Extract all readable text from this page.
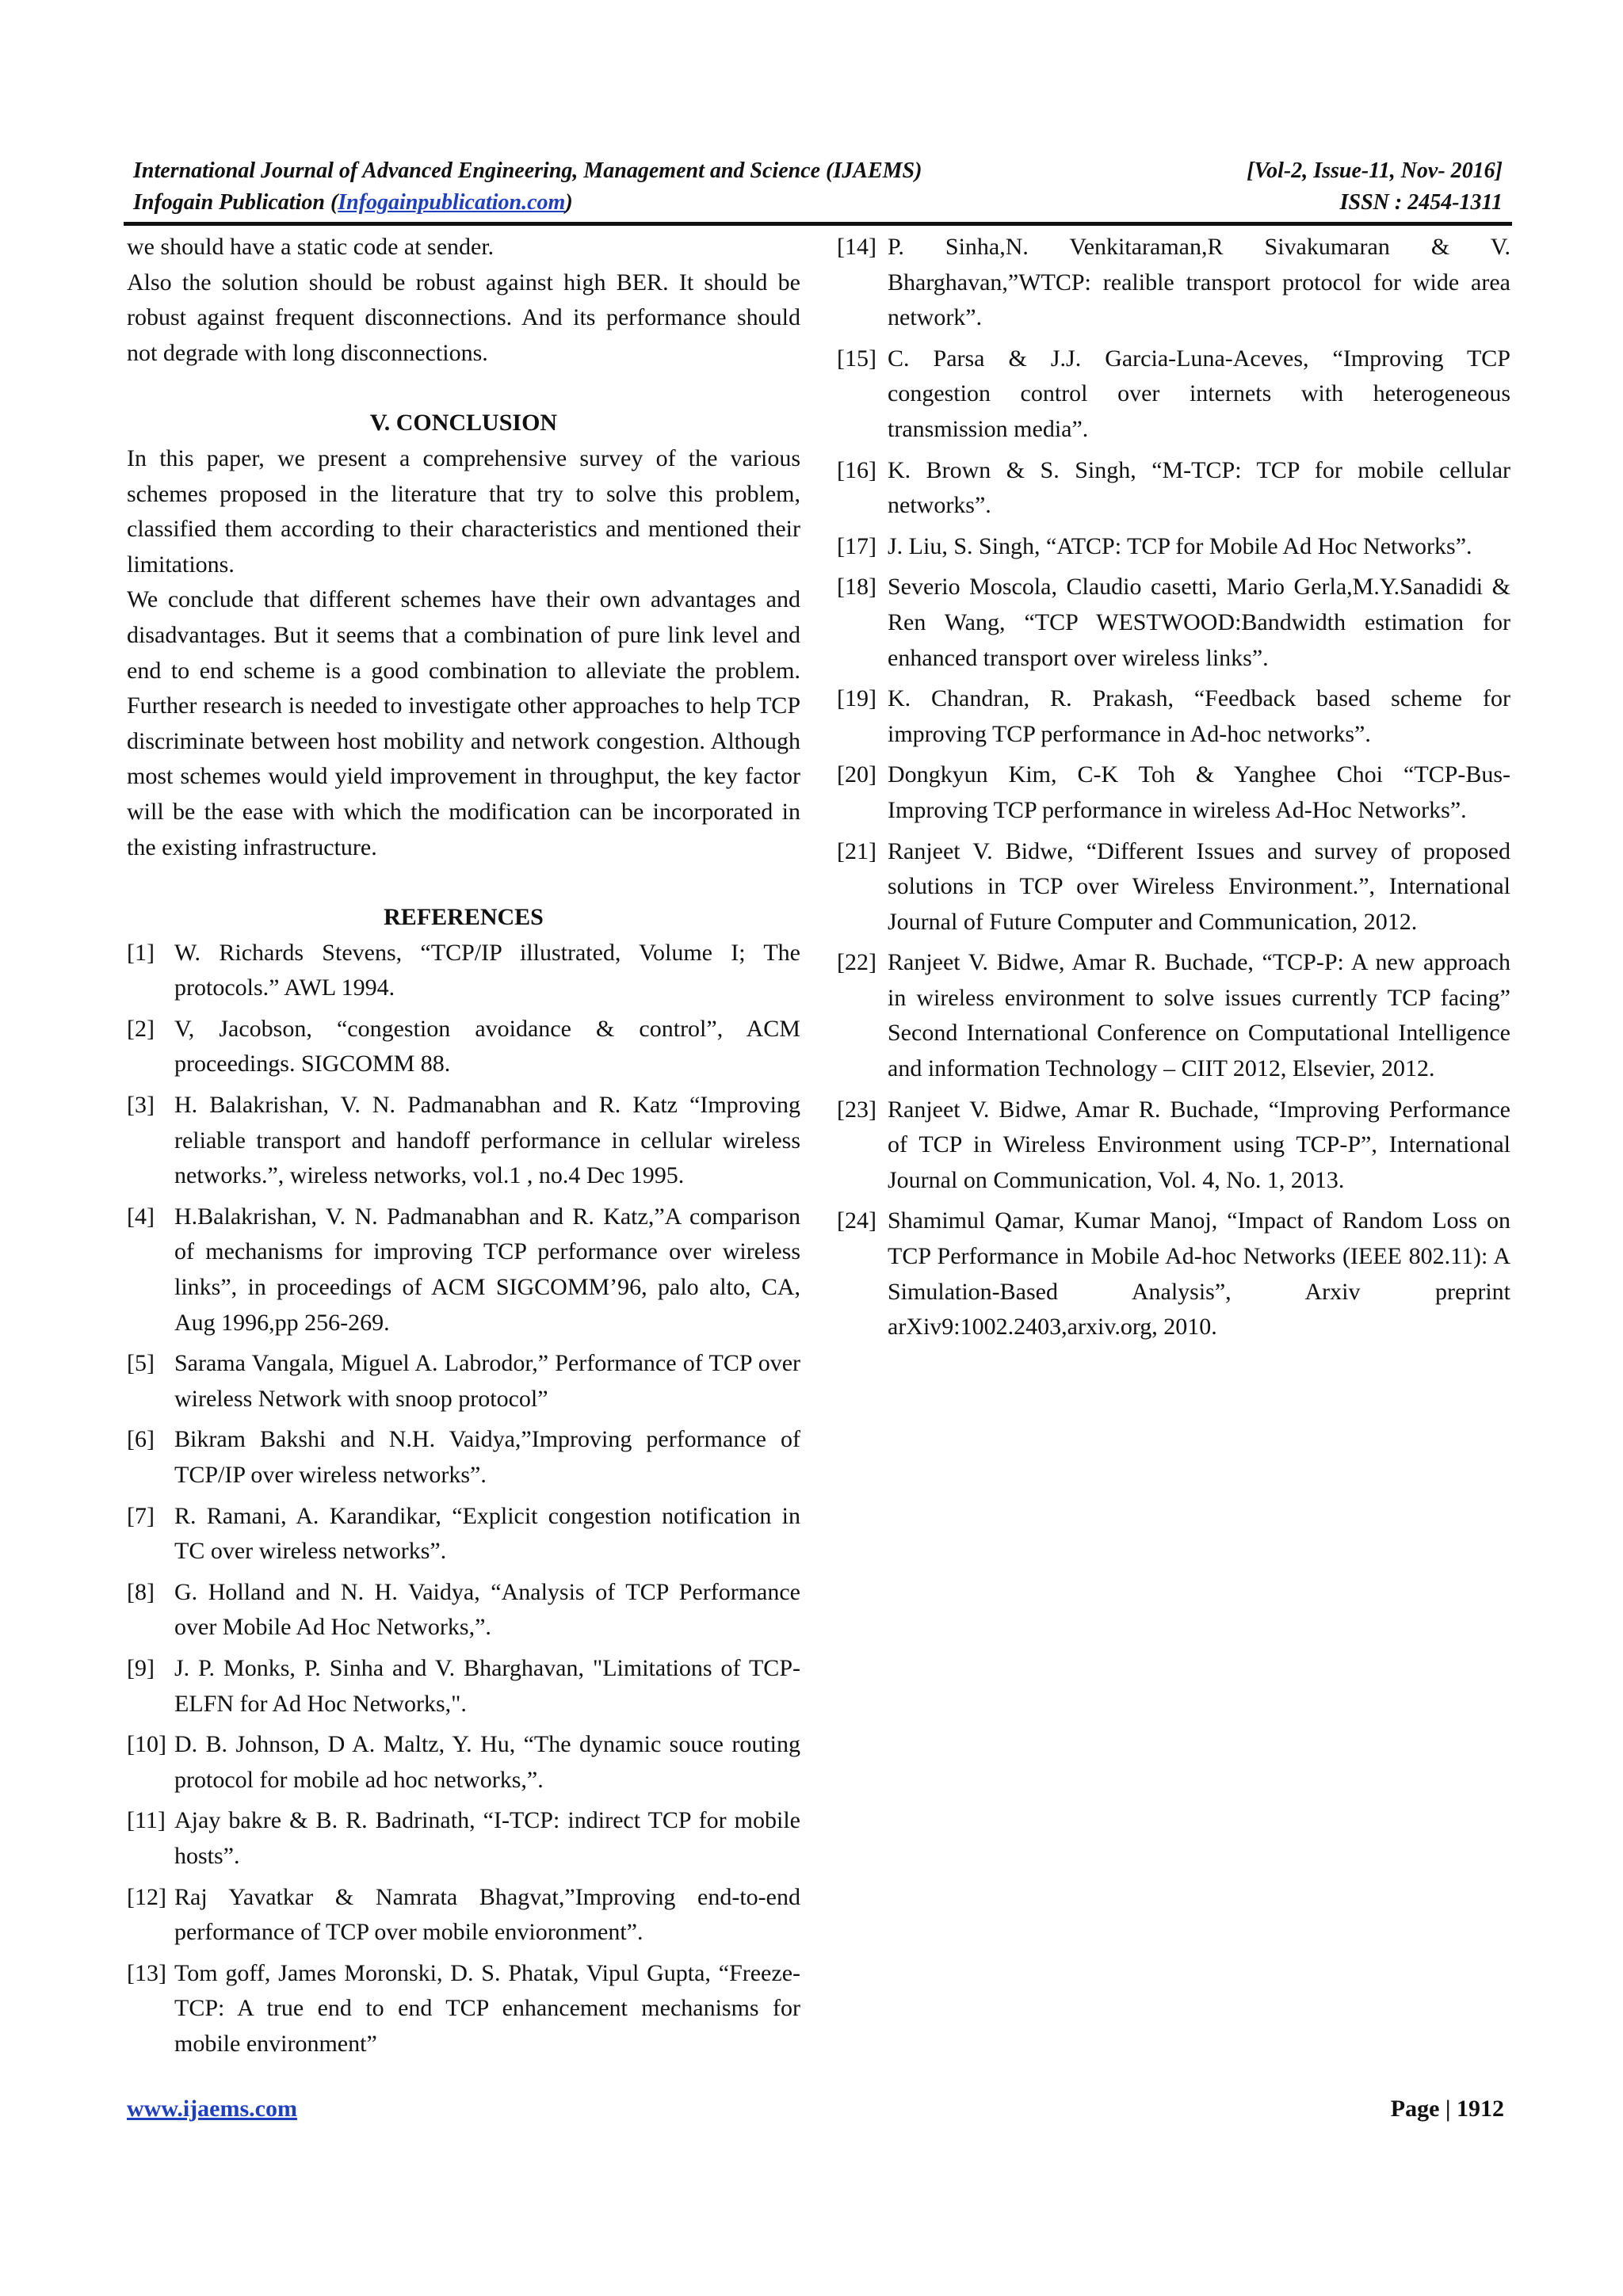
International Journal of Advanced Engineering, Management and Science (IJAEMS)	[Vol-2, Issue-11, Nov- 2016]
Infogain Publication (Infogainpublication.com)	ISSN : 2454-1311

we should have a static code at sender.

Also the solution should be robust against high BER. It should be robust against frequent disconnections. And its performance should not degrade with long disconnections.

V. CONCLUSION

In this paper, we present a comprehensive survey of the various schemes proposed in the literature that try to solve this problem, classified them according to their characteristics and mentioned their limitations.

We conclude that different schemes have their own advantages and disadvantages. But it seems that a combination of pure link level and end to end scheme is a good combination to alleviate the problem. Further research is needed to investigate other approaches to help TCP discriminate between host mobility and network congestion. Although most schemes would yield improvement in throughput, the key factor will be the ease with which the modification can be incorporated in the existing infrastructure.

REFERENCES

[1] W. Richards Stevens, “TCP/IP illustrated, Volume I; The protocols.” AWL 1994.

[2] V, Jacobson, “congestion avoidance & control”, ACM proceedings. SIGCOMM 88.

[3] H. Balakrishan, V. N. Padmanabhan and R. Katz “Improving reliable transport and handoff performance in cellular wireless networks.”, wireless networks, vol.1 , no.4 Dec 1995.

[4] H.Balakrishan, V. N. Padmanabhan and R. Katz,”A comparison of mechanisms for improving TCP performance over wireless links”, in proceedings of ACM SIGCOMM’96, palo alto, CA, Aug 1996,pp 256-269.

[5] Sarama Vangala, Miguel A. Labrodor,” Performance of TCP over wireless Network with snoop protocol”

[6] Bikram Bakshi and N.H. Vaidya,”Improving performance of TCP/IP over wireless networks”.

[7] R. Ramani, A. Karandikar, “Explicit congestion notification in TC over wireless networks”.

[8] G. Holland and N. H. Vaidya, “Analysis of TCP Performance over Mobile Ad Hoc Networks,”.

[9] J. P. Monks, P. Sinha and V. Bharghavan, "Limitations of TCP-ELFN for Ad Hoc Networks,".

[10] D. B. Johnson, D A. Maltz, Y. Hu, “The dynamic souce routing protocol for mobile ad hoc networks,”.

[11] Ajay bakre & B. R. Badrinath, “I-TCP: indirect TCP for mobile hosts”.

[12] Raj Yavatkar & Namrata Bhagvat,”Improving end-to-end performance of TCP over mobile envioronment”.

[13] Tom goff, James Moronski, D. S. Phatak, Vipul Gupta, “Freeze-TCP: A true end to end TCP enhancement mechanisms for mobile environment”

[14] P. Sinha,N. Venkitaraman,R Sivakumaran & V. Bharghavan,”WTCP: realible transport protocol for wide area network”.

[15] C. Parsa & J.J. Garcia-Luna-Aceves, “Improving TCP congestion control over internets with heterogeneous transmission media”.

[16] K. Brown & S. Singh, “M-TCP: TCP for mobile cellular networks”.

[17] J. Liu, S. Singh, “ATCP: TCP for Mobile Ad Hoc Networks”.

[18] Severio Moscola, Claudio casetti, Mario Gerla,M.Y.Sanadidi & Ren Wang, “TCP WESTWOOD:Bandwidth estimation for enhanced transport over wireless links”.

[19] K. Chandran, R. Prakash, “Feedback based scheme for improving TCP performance in Ad-hoc networks”.

[20] Dongkyun Kim, C-K Toh & Yanghee Choi “TCP-Bus- Improving TCP performance in wireless Ad-Hoc Networks”.

[21] Ranjeet V. Bidwe, “Different Issues and survey of proposed solutions in TCP over Wireless Environment.”, International Journal of Future Computer and Communication, 2012.

[22] Ranjeet V. Bidwe, Amar R. Buchade, “TCP-P: A new approach in wireless environment to solve issues currently TCP facing” Second International Conference on Computational Intelligence and information Technology – CIIT 2012, Elsevier, 2012.

[23] Ranjeet V. Bidwe, Amar R. Buchade, “Improving Performance of TCP in Wireless Environment using TCP-P”, International Journal on Communication, Vol. 4, No. 1, 2013.

[24] Shamimul Qamar, Kumar Manoj, “Impact of Random Loss on TCP Performance in Mobile Ad-hoc Networks (IEEE 802.11): A Simulation-Based Analysis”, Arxiv preprint arXiv9:1002.2403,arxiv.org, 2010.

www.ijaems.com	Page | 1912
